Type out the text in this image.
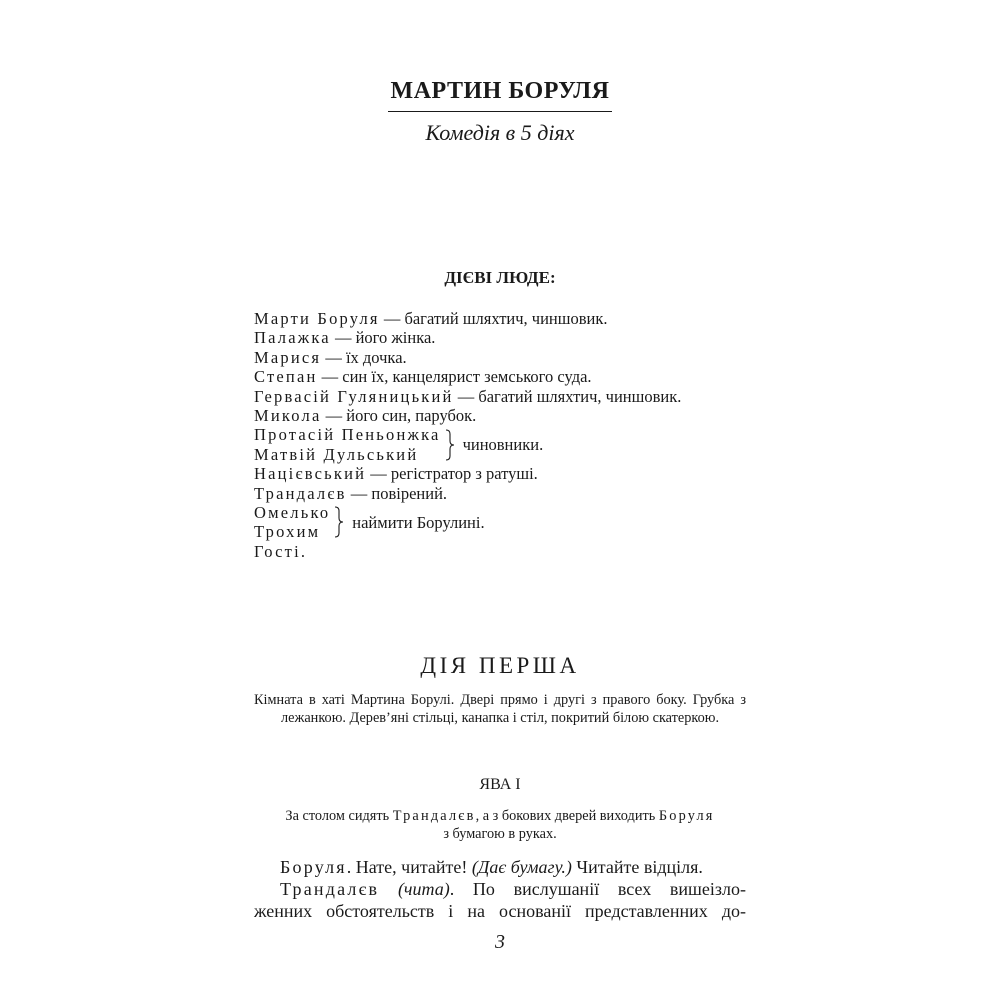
МАРТИН БОРУЛЯ
Комедія в 5 діях
ДІЄВІ ЛЮДЕ:
Марти Боруля — багатий шляхтич, чиншовик.
Палажка — його жінка.
Марися — їх дочка.
Степан — син їх, канцелярист земського суда.
Гервасій Гуляницький — багатий шляхтич, чиншовик.
Микола — його син, парубок.
Протасій Пеньонжка
Матвій Дульський
чиновники.
Націєвський — регістратор з ратуші.
Трандалєв — повірений.
Омелько
Трохим
наймити Борулині.
Гості.
ДІЯ ПЕРША
Кімната в хаті Мартина Борулі. Двері прямо і другі з правого боку. Грубка з лежанкою. Дерев’яні стільці, канапка і стіл, покритий білою скатеркою.
ЯВА І
За столом сидять Трандалєв, а з бокових дверей виходить Боруля
з бумагою в руках.
Боруля. Нате, читайте! (Дає бумагу.) Читайте відціля.
Трандалєв (чита). По вислушанії всех вишеізло-
женних обстоятельств і на основанії представленних до-
3
